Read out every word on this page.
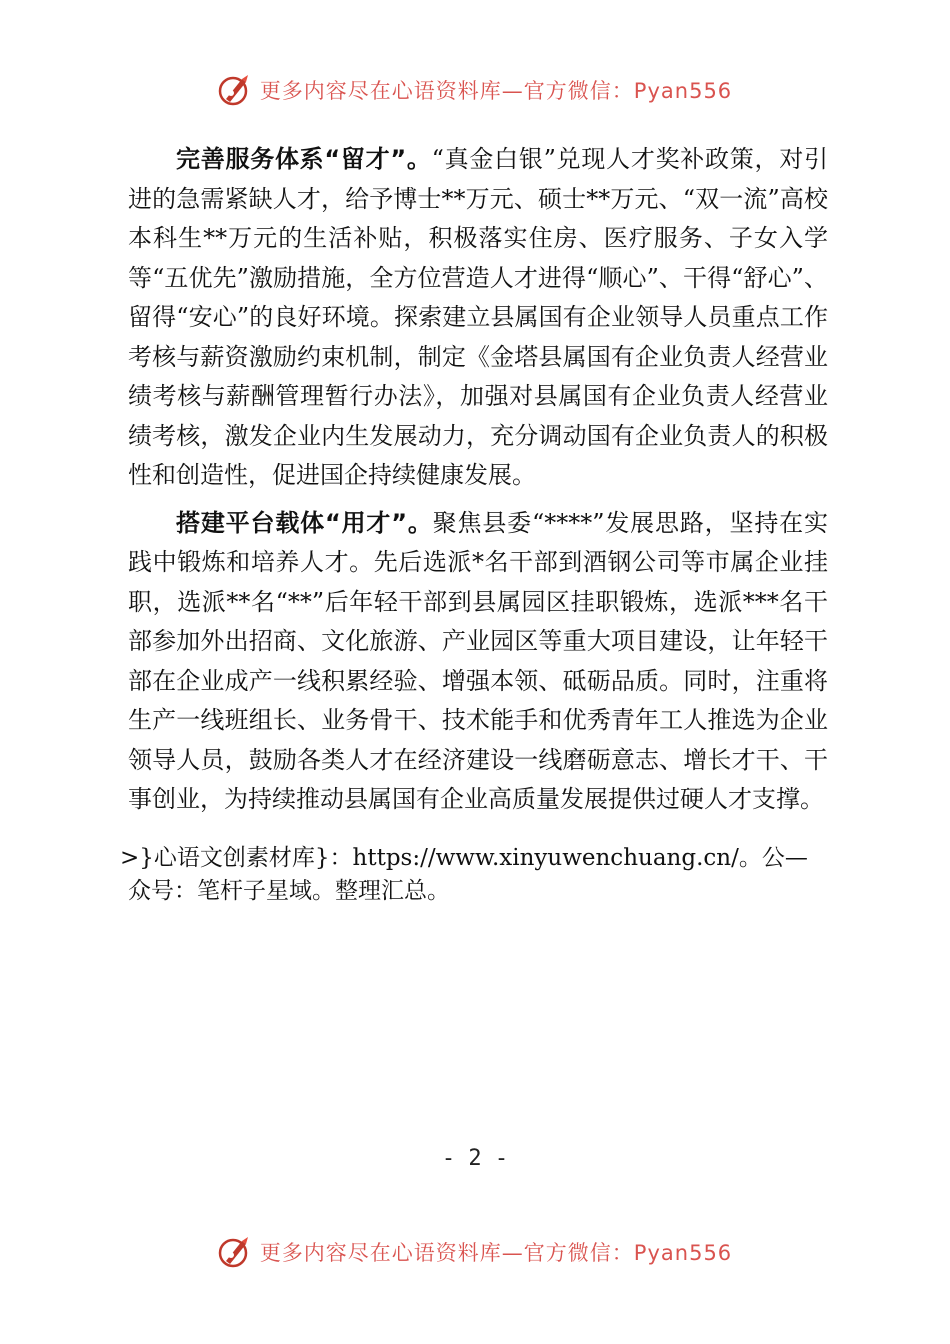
更多内容尽在心语资料库—官方微信：Pyan556

完善服务体系“留才”。“真金白银”兑现人才奖补政策，对引进的急需紧缺人才，给予博士**万元、硕士**万元、“双一流”高校本科生**万元的生活补贴，积极落实住房、医疗服务、子女入学等“五优先”激励措施，全方位营造人才进得“顺心”、干得“舒心”、留得“安心”的良好环境。探索建立县属国有企业领导人员重点工作考核与薪资激励约束机制，制定《金塔县属国有企业负责人经营业绩考核与薪酬管理暂行办法》，加强对县属国有企业负责人经营业绩考核，激发企业内生发展动力，充分调动国有企业负责人的积极性和创造性，促进国企持续健康发展。

搭建平台载体“用才”。聚焦县委“****”发展思路，坚持在实践中锻炼和培养人才。先后选派*名干部到酒钢公司等市属企业挂职，选派**名“**”后年轻干部到县属园区挂职锻炼，选派***名干部参加外出招商、文化旅游、产业园区等重大项目建设，让年轻干部在企业成产一线积累经验、增强本领、砥砺品质。同时，注重将生产一线班组长、业务骨干、技术能手和优秀青年工人推选为企业领导人员，鼓励各类人才在经济建设一线磨砺意志、增长才干、干事创业，为持续推动县属国有企业高质量发展提供过硬人才支撑。

>}心语文创素材库}：https://www.xinyuwenchuang.cn/。公—众号：笔杆子星域。整理汇总。
- 2 -
更多内容尽在心语资料库—官方微信：Pyan556
